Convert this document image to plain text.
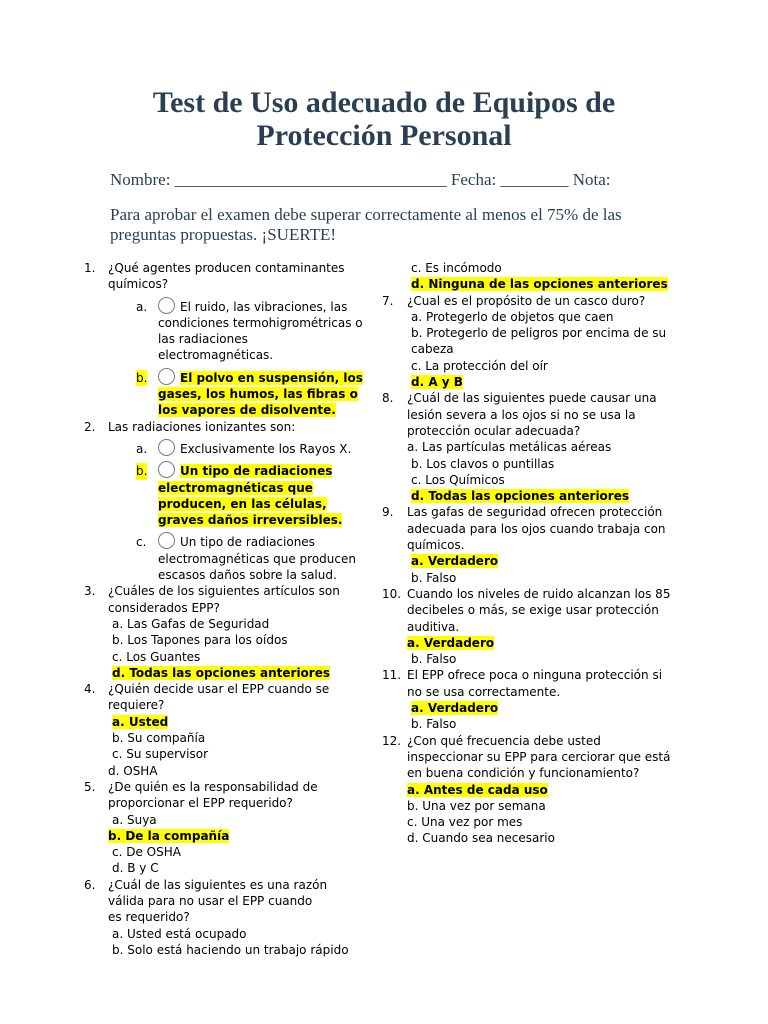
Test de Uso adecuado de Equipos de
Protección Personal
Nombre: ________________________________ Fecha: ________ Nota:
Para aprobar el examen debe superar correctamente al menos el 75% de las preguntas propuestas. ¡SUERTE!
1. ¿Qué agentes producen contaminantes químicos?
a.	El ruido, las vibraciones, las condiciones termohigrométricas o las radiaciones electromagnéticas.
b.	El polvo en suspensión, los gases, los humos, las fibras o los vapores de disolvente.
2. Las radiaciones ionizantes son:
a.	Exclusivamente los Rayos X.
b.	Un tipo de radiaciones electromagnéticas que producen, en las células, graves daños irreversibles.
c.	Un tipo de radiaciones electromagnéticas que producen escasos daños sobre la salud.
3. ¿Cuáles de los siguientes artículos son considerados EPP?
a. Las Gafas de Seguridad
b. Los Tapones para los oídos
c. Los Guantes
d. Todas las opciones anteriores
4. ¿Quién decide usar el EPP cuando se requiere?
a. Usted
b. Su compañía
c. Su supervisor
d. OSHA
5. ¿De quién es la responsabilidad de proporcionar el EPP requerido?
a. Suya
b. De la compañía
c. De OSHA
d. B y C
6. ¿Cuál de las siguientes es una razón válida para no usar el EPP cuando
es requerido?
a. Usted está ocupado
b. Solo está haciendo un trabajo rápido
c. Es incómodo
d. Ninguna de las opciones anteriores
7. ¿Cual es el propósito de un casco duro?
a. Protegerlo de objetos que caen
b. Protegerlo de peligros por encima de su cabeza
c. La protección del oír
d. A y B
8. ¿Cuál de las siguientes puede causar una lesión severa a los ojos si no se usa la protección ocular adecuada?
a. Las partículas metálicas aéreas
b. Los clavos o puntillas
c. Los Químicos
d. Todas las opciones anteriores
9. Las gafas de seguridad ofrecen protección adecuada para los ojos cuando trabaja con químicos.
a. Verdadero
b. Falso
10. Cuando los niveles de ruido alcanzan los 85 decibeles o más, se exige usar protección auditiva.
a. Verdadero
b. Falso
11. El EPP ofrece poca o ninguna protección si no se usa correctamente.
a. Verdadero
b. Falso
12. ¿Con qué frecuencia debe usted inspeccionar su EPP para cerciorar que está en buena condición y funcionamiento?
a. Antes de cada uso
b. Una vez por semana
c. Una vez por mes
d. Cuando sea necesario
